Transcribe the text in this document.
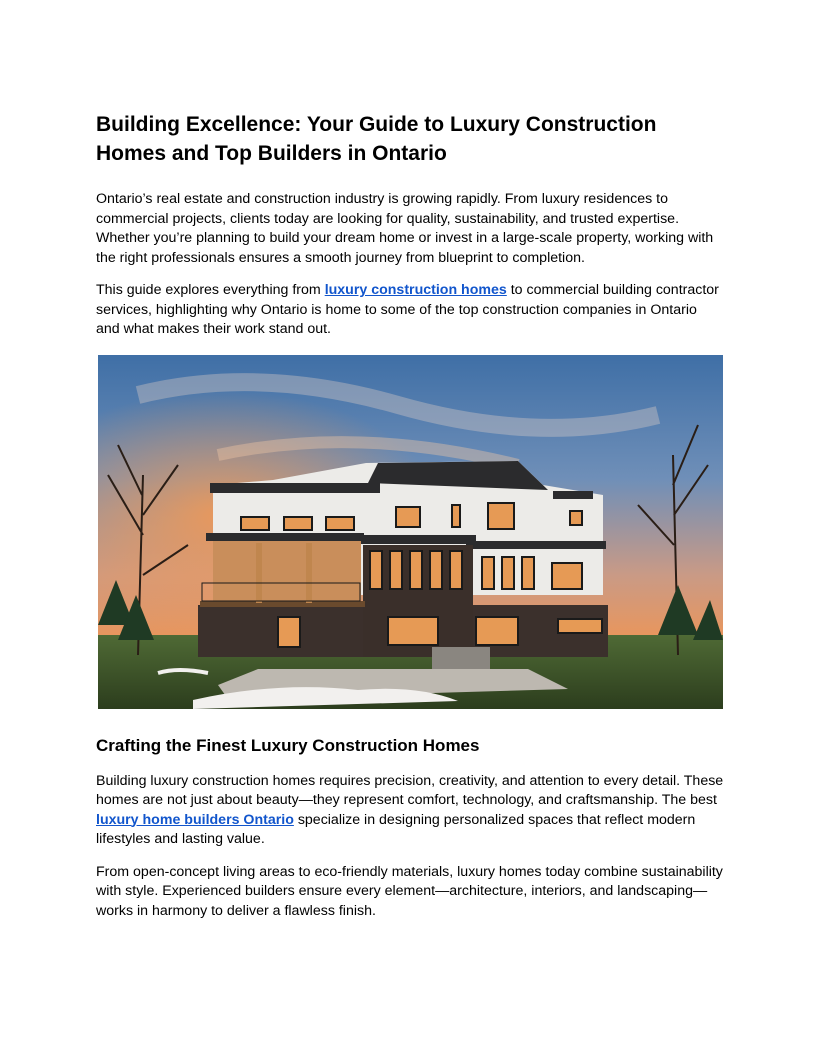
Building Excellence: Your Guide to Luxury Construction Homes and Top Builders in Ontario

Ontario’s real estate and construction industry is growing rapidly. From luxury residences to commercial projects, clients today are looking for quality, sustainability, and trusted expertise. Whether you’re planning to build your dream home or invest in a large-scale property, working with the right professionals ensures a smooth journey from blueprint to completion.

This guide explores everything from luxury construction homes to commercial building contractor services, highlighting why Ontario is home to some of the top construction companies in Ontario and what makes their work stand out.

Crafting the Finest Luxury Construction Homes

Building luxury construction homes requires precision, creativity, and attention to every detail. These homes are not just about beauty—they represent comfort, technology, and craftsmanship. The best luxury home builders Ontario specialize in designing personalized spaces that reflect modern lifestyles and lasting value.

From open-concept living areas to eco-friendly materials, luxury homes today combine sustainability with style. Experienced builders ensure every element—architecture, interiors, and landscaping—works in harmony to deliver a flawless finish.
